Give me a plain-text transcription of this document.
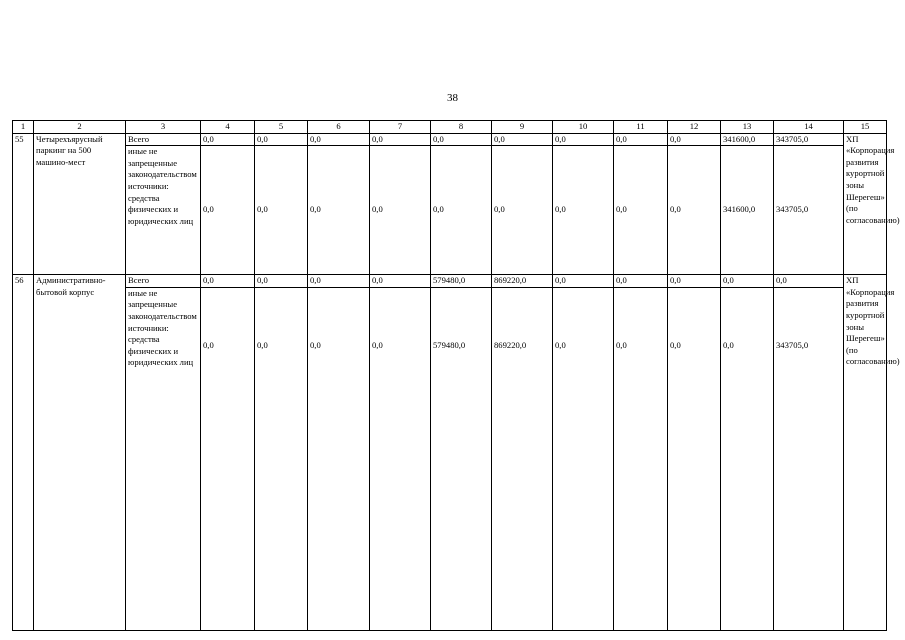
38
1	2	3	4	5	6	7	8	9	10	11	12	13	14	15
55	Четырехъярусный паркинг на 500 машино-мест	Всего	0,0	0,0	0,0	0,0	0,0	0,0	0,0	0,0	0,0	341600,0	343705,0	ХП «Корпорация развития курортной зоны Шерегеш» (по согласованию)
		иные не запрещенные законодательством источники: средства физических и юридических лиц	0,0	0,0	0,0	0,0	0,0	0,0	0,0	0,0	0,0	341600,0	343705,0	
56	Административно-бытовой корпус	Всего	0,0	0,0	0,0	0,0	579480,0	869220,0	0,0	0,0	0,0	0,0	0,0	ХП «Корпорация развития курортной зоны Шерегеш» (по согласованию)
		иные не запрещенные законодательством источники: средства физических и юридических лиц	0,0	0,0	0,0	0,0	579480,0	869220,0	0,0	0,0	0,0	0,0	343705,0	
